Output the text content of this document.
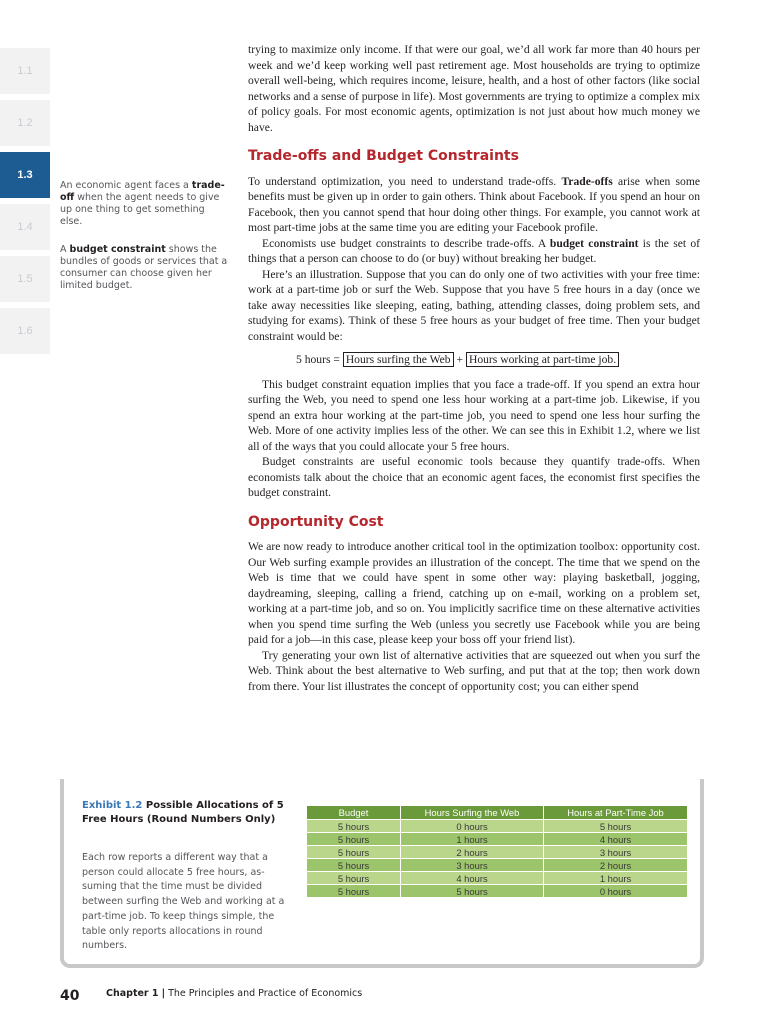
1.1
1.2
1.3
1.4
1.5
1.6
An economic agent faces a trade-off when the agent needs to give up one thing to get something else.
A budget constraint shows the bundles of goods or services that a consumer can choose given her limited budget.

trying to maximize only income. If that were our goal, we’d all work far more than 40 hours per week and we’d keep working well past retirement age. Most households are trying to optimize overall well-being, which requires income, leisure, health, and a host of other factors (like social networks and a sense of purpose in life). Most governments are trying to optimize a complex mix of policy goals. For most economic agents, optimization is not just about how much money we have.

Trade-offs and Budget Constraints

To understand optimization, you need to understand trade-offs. Trade-offs arise when some benefits must be given up in order to gain others. Think about Facebook. If you spend an hour on Facebook, then you cannot spend that hour doing other things. For example, you cannot work at most part-time jobs at the same time you are editing your Facebook profile.

Economists use budget constraints to describe trade-offs. A budget constraint is the set of things that a person can choose to do (or buy) without breaking her budget.

Here’s an illustration. Suppose that you can do only one of two activities with your free time: work at a part-time job or surf the Web. Suppose that you have 5 free hours in a day (once we take away necessities like sleeping, eating, bathing, attending classes, doing problem sets, and studying for exams). Think of these 5 free hours as your budget of free time. Then your budget constraint would be:

5 hours = Hours surfing the Web + Hours working at part-time job.

This budget constraint equation implies that you face a trade-off. If you spend an extra hour surfing the Web, you need to spend one less hour working at a part-time job. Likewise, if you spend an extra hour working at the part-time job, you need to spend one less hour surfing the Web. More of one activity implies less of the other. We can see this in Exhibit 1.2, where we list all of the ways that you could allocate your 5 free hours.

Budget constraints are useful economic tools because they quantify trade-offs. When economists talk about the choice that an economic agent faces, the economist first specifies the budget constraint.

Opportunity Cost

We are now ready to introduce another critical tool in the optimization toolbox: opportunity cost. Our Web surfing example provides an illustration of the concept. The time that we spend on the Web is time that we could have spent in some other way: playing basketball, jogging, daydreaming, sleeping, calling a friend, catching up on e-mail, working on a problem set, working at a part-time job, and so on. You implicitly sacrifice time on these alternative activities when you spend time surfing the Web (unless you secretly use Facebook while you are being paid for a job—in this case, please keep your boss off your friend list).

Try generating your own list of alternative activities that are squeezed out when you surf the Web. Think about the best alternative to Web surfing, and put that at the top; then work down from there. Your list illustrates the concept of opportunity cost; you can either spend

Exhibit 1.2 Possible Allocations of 5 Free Hours (Round Numbers Only)
Each row reports a different way that a person could allocate 5 free hours, assuming that the time must be divided between surfing the Web and working at a part-time job. To keep things simple, the table only reports allocations in round numbers.
Budget	Hours Surfing the Web	Hours at Part-Time Job
5 hours	0 hours	5 hours
5 hours	1 hours	4 hours
5 hours	2 hours	3 hours
5 hours	3 hours	2 hours
5 hours	4 hours	1 hours
5 hours	5 hours	0 hours
40	Chapter 1 | The Principles and Practice of Economics
